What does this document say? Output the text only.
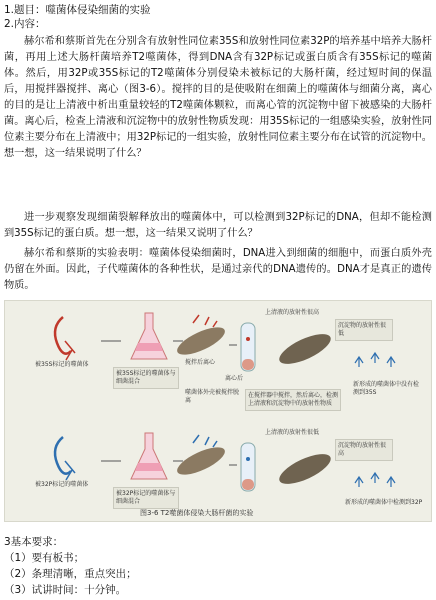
1.题目：噬菌体侵染细菌的实验
2.内容：
赫尔希和蔡斯首先在分别含有放射性同位素35S和放射性同位素32P的培养基中培养大肠杆菌，再用上述大肠杆菌培养T2噬菌体，得到DNA含有32P标记或蛋白质含有35S标记的噬菌体。然后，用32P或35S标记的T2噬菌体分别侵染未被标记的大肠杆菌，经过短时间的保温后，用搅拌器搅拌、离心（图3-6）。搅拌的目的是使吸附在细菌上的噬菌体与细菌分离，离心的目的是让上清液中析出重量较轻的T2噬菌体颗粒，而离心管的沉淀物中留下被感染的大肠杆菌。离心后，检查上清液和沉淀物中的放射性物质发现：用35S标记的一组感染实验，放射性同位素主要分布在上清液中；用32P标记的一组实验，放射性同位素主要分布在试管的沉淀物中。想一想，这一结果说明了什么？
进一步观察发现细菌裂解释放出的噬菌体中，可以检测到32P标记的DNA，但却不能检测到35S标记的蛋白质。想一想，这一结果又说明了什么？
赫尔希和蔡斯的实验表明：噬菌体侵染细菌时，DNA进入到细菌的细胞中，而蛋白质外壳仍留在外面。因此，子代噬菌体的各种性状，是通过亲代的DNA遗传的。DNA才是真正的遗传物质。
被35S标记的噬菌体
被35S标记的噬菌体与细菌混合
搅拌后离心
离心后
上清液的放射性很高
沉淀物的放射性很低
噬菌体外壳被搅拌脱离
在搅拌器中搅拌，然后离心，检测上清液和沉淀物中的放射性物质
新形成的噬菌体中没有检测到35S
被32P标记的噬菌体
被32P标记的噬菌体与细菌混合
上清液的放射性很低
沉淀物的放射性很高
新形成的噬菌体中检测到32P
图3-6 T2噬菌体侵染大肠杆菌的实验
3基本要求：
（1）要有板书；
（2）条理清晰，重点突出；
（3）试讲时间：十分钟。
